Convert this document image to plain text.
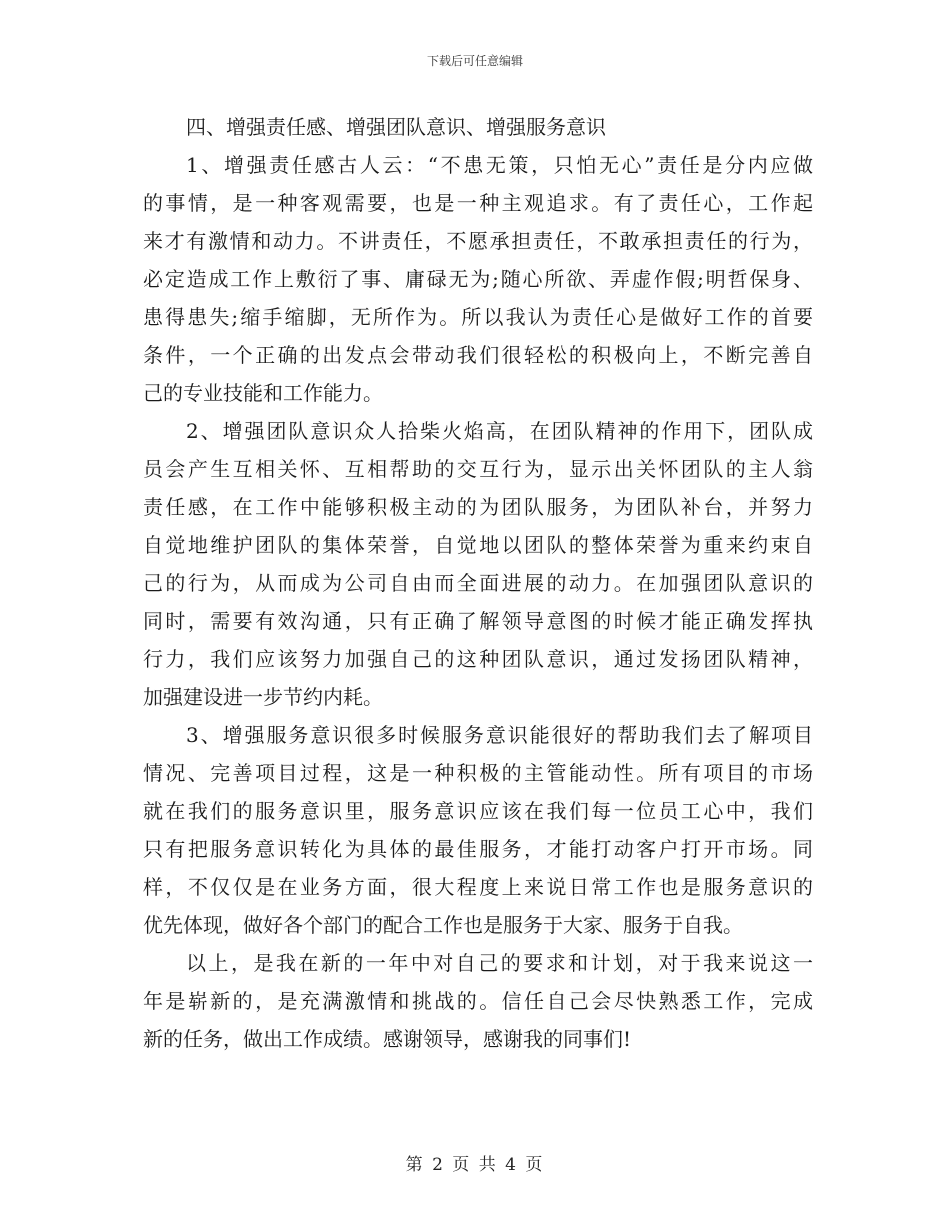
下载后可任意编辑
四、增强责任感、增强团队意识、增强服务意识
1、增强责任感古人云：“不患无策，只怕无心”责任是分内应做
的事情，是一种客观需要，也是一种主观追求。有了责任心，工作起
来才有激情和动力。不讲责任，不愿承担责任，不敢承担责任的行为，
必定造成工作上敷衍了事、庸碌无为;随心所欲、弄虚作假;明哲保身、
患得患失;缩手缩脚，无所作为。所以我认为责任心是做好工作的首要
条件，一个正确的出发点会带动我们很轻松的积极向上，不断完善自
己的专业技能和工作能力。
2、增强团队意识众人拾柴火焰高，在团队精神的作用下，团队成
员会产生互相关怀、互相帮助的交互行为，显示出关怀团队的主人翁
责任感，在工作中能够积极主动的为团队服务，为团队补台，并努力
自觉地维护团队的集体荣誉，自觉地以团队的整体荣誉为重来约束自
己的行为，从而成为公司自由而全面进展的动力。在加强团队意识的
同时，需要有效沟通，只有正确了解领导意图的时候才能正确发挥执
行力，我们应该努力加强自己的这种团队意识，通过发扬团队精神，
加强建设进一步节约内耗。
3、增强服务意识很多时候服务意识能很好的帮助我们去了解项目
情况、完善项目过程，这是一种积极的主管能动性。所有项目的市场
就在我们的服务意识里，服务意识应该在我们每一位员工心中，我们
只有把服务意识转化为具体的最佳服务，才能打动客户打开市场。同
样，不仅仅是在业务方面，很大程度上来说日常工作也是服务意识的
优先体现，做好各个部门的配合工作也是服务于大家、服务于自我。
以上，是我在新的一年中对自己的要求和计划，对于我来说这一
年是崭新的，是充满激情和挑战的。信任自己会尽快熟悉工作，完成
新的任务，做出工作成绩。感谢领导，感谢我的同事们!
第 2 页 共 4 页
